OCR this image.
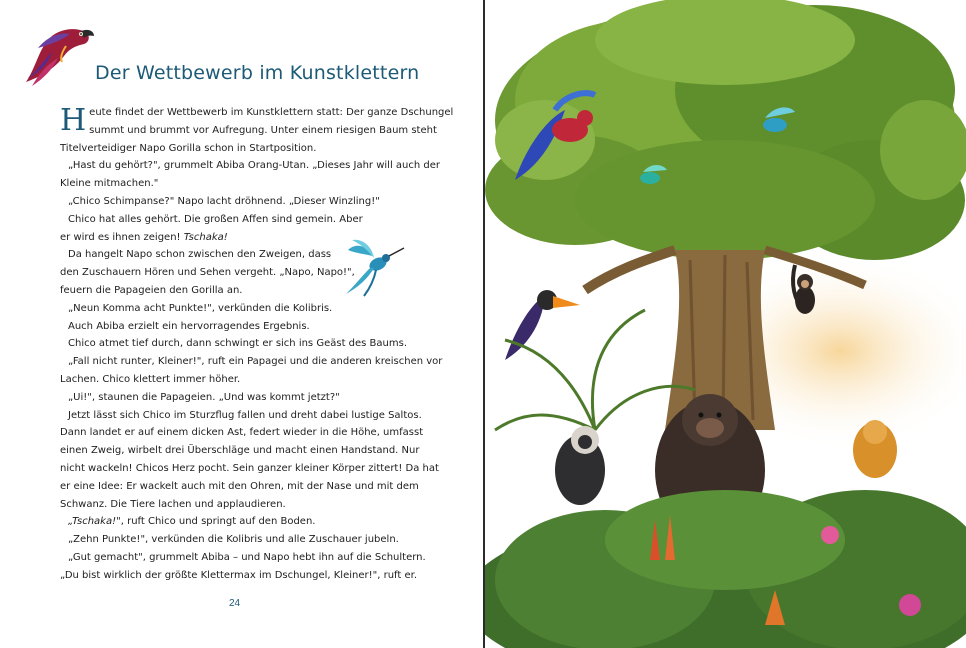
Der Wettbewerb im Kunstklettern
Heute findet der Wettbewerb im Kunstklettern statt: Der ganze Dschungel
summt und brummt vor Aufregung. Unter einem riesigen Baum steht
Titelverteidiger Napo Gorilla schon in Startposition.
„Hast du gehört?", grummelt Abiba Orang-Utan. „Dieses Jahr will auch der
Kleine mitmachen."
„Chico Schimpanse?" Napo lacht dröhnend. „Dieser Winzling!"
Chico hat alles gehört. Die großen Affen sind gemein. Aber
er wird es ihnen zeigen! Tschaka!
Da hangelt Napo schon zwischen den Zweigen, dass
den Zuschauern Hören und Sehen vergeht. „Napo, Napo!",
feuern die Papageien den Gorilla an.
„Neun Komma acht Punkte!", verkünden die Kolibris.
Auch Abiba erzielt ein hervorragendes Ergebnis.
Chico atmet tief durch, dann schwingt er sich ins Geäst des Baums.
„Fall nicht runter, Kleiner!", ruft ein Papagei und die anderen kreischen vor
Lachen. Chico klettert immer höher.
„Ui!", staunen die Papageien. „Und was kommt jetzt?"
Jetzt lässt sich Chico im Sturzflug fallen und dreht dabei lustige Saltos.
Dann landet er auf einem dicken Ast, federt wieder in die Höhe, umfasst
einen Zweig, wirbelt drei Überschläge und macht einen Handstand. Nur
nicht wackeln! Chicos Herz pocht. Sein ganzer kleiner Körper zittert! Da hat
er eine Idee: Er wackelt auch mit den Ohren, mit der Nase und mit dem
Schwanz. Die Tiere lachen und applaudieren.
„Tschaka!", ruft Chico und springt auf den Boden.
„Zehn Punkte!", verkünden die Kolibris und alle Zuschauer jubeln.
„Gut gemacht", grummelt Abiba – und Napo hebt ihn auf die Schultern.
„Du bist wirklich der größte Klettermax im Dschungel, Kleiner!", ruft er.
24
